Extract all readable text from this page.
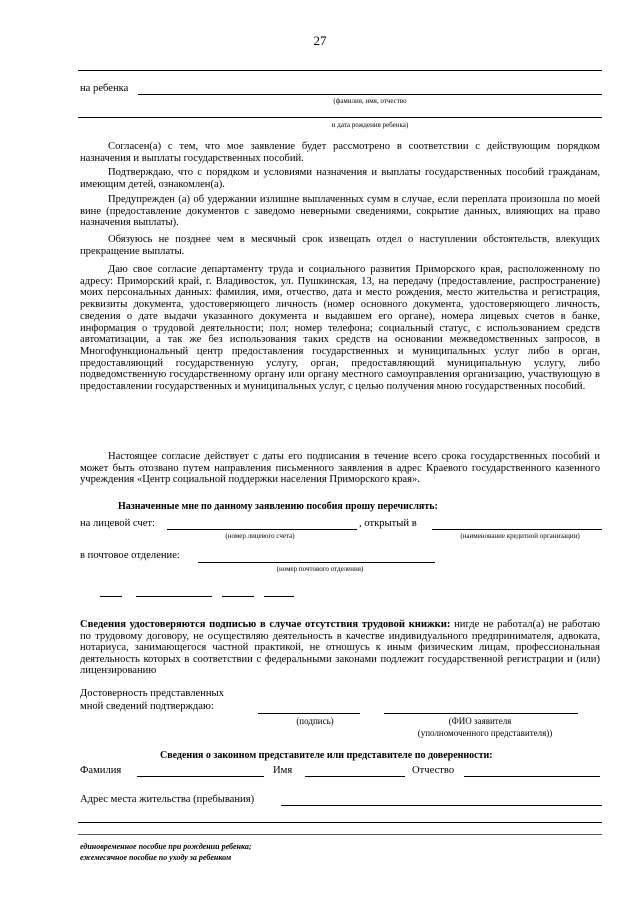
27
на ребенка
(фамилия, имя, отчество
и дата рождения ребенка)
Согласен(а) с тем, что мое заявление будет рассмотрено в соответствии с действующим порядком назначения и выплаты государственных пособий.
Подтверждаю, что с порядком и условиями назначения и выплаты государственных пособий гражданам, имеющим детей, ознакомлен(а).
Предупрежден (а) об удержании излишне выплаченных сумм в случае, если переплата произошла по моей вине (предоставление документов с заведомо неверными сведениями, сокрытие данных, влияющих на право назначения выплаты).
Обязуюсь не позднее чем в месячный срок извещать отдел о наступлении обстоятельств, влекущих прекращение выплаты.
Даю свое согласие департаменту труда и социального развития Приморского края, расположенному по адресу: Приморский край, г. Владивосток, ул. Пушкинская, 13, на передачу (предоставление, распространение) моих персональных данных: фамилия, имя, отчество, дата и место рождения, место жительства и регистрация, реквизиты документа, удостоверяющего личность (номер основного документа, удостоверяющего личность, сведения о дате выдачи указанного документа и выдавшем его органе), номера лицевых счетов в банке, информация о трудовой деятельности; пол; номер телефона; социальный статус, с использованием средств автоматизации, а так же без использования таких средств на основании межведомственных запросов, в Многофункциональный центр предоставления государственных и муниципальных услуг либо в орган, предоставляющий государственную услугу, орган, предоставляющий муниципальную услугу, либо подведомственную государственному органу или органу местного самоуправления организацию, участвующую в предоставлении государственных и муниципальных услуг, с целью получения мною государственных пособий.
Настоящее согласие действует с даты его подписания в течение всего срока государственных пособий и может быть отозвано путем направления письменного заявления в адрес Краевого государственного казенного учреждения «Центр социальной поддержки населения Приморского края».
Назначенные мне по данному заявлению пособия прошу перечислять:
на лицевой счет:
(номер лицевого счета)
, открытый в
(наименование кредитной организации)
в почтовое отделение:
(номер почтового отделения)
Сведения удостоверяются подписью в случае отсутствия трудовой книжки: нигде не работал(а) не работаю по трудовому договору, не осуществляю деятельность в качестве индивидуального предпринимателя, адвоката, нотариуса, занимающегося частной практикой, не отношусь к иным физическим лицам, профессиональная деятельность которых в соответствии с федеральными законами подлежит государственной регистрации и (или) лицензированию
Достоверность представленных
мной сведений подтверждаю:
(подпись)	(ФИО заявителя
(уполномоченного представителя))
Сведения о законном представителе или представителе по доверенности:
Фамилия	Имя	Отчество
Адрес места жительства (пребывания)
единовременное пособие при рождении ребенка;
ежемесячное пособие по уходу за ребенком
